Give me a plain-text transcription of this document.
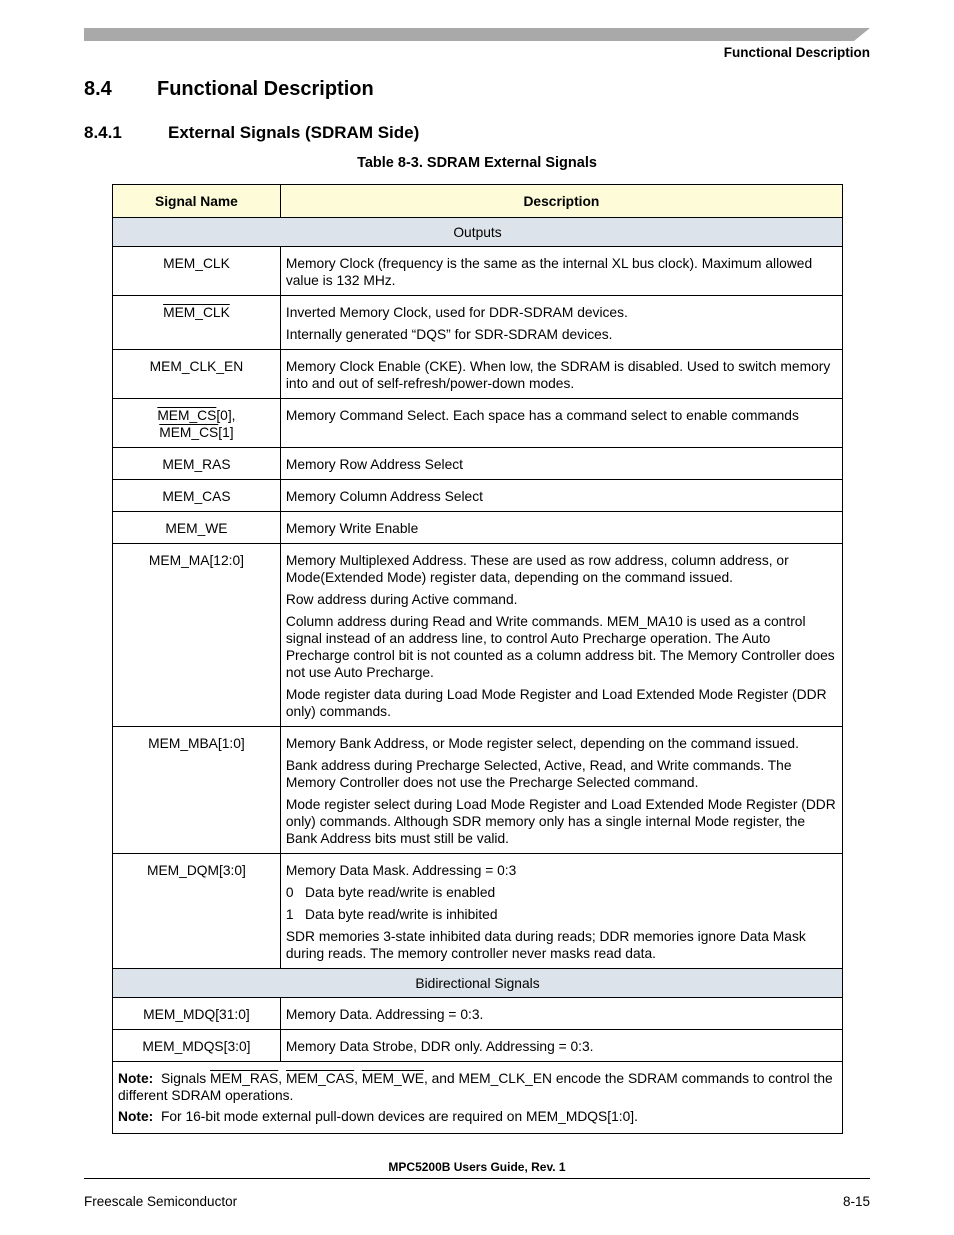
Functional Description
8.4 Functional Description
8.4.1	External Signals (SDRAM Side)
Table 8-3. SDRAM External Signals
Signal Name	Description
Outputs	
MEM_CLK	Memory Clock (frequency is the same as the internal XL bus clock). Maximum allowed value is 132 MHz.

MEM_CLK	Inverted Memory Clock, used for DDR-SDRAM devices.

Internally generated “DQS” for SDR-SDRAM devices.

MEM_CLK_EN	Memory Clock Enable (CKE). When low, the SDRAM is disabled. Used to switch memory into and out of self-refresh/power-down modes.

MEM_CS[0],
MEM_CS[1]	Memory Command Select. Each space has a command select to enable commands

MEM_RAS	Memory Row Address Select

MEM_CAS	Memory Column Address Select

MEM_WE	Memory Write Enable

MEM_MA[12:0]	Memory Multiplexed Address. These are used as row address, column address, or Mode(Extended Mode) register data, depending on the command issued.

Row address during Active command.

Column address during Read and Write commands. MEM_MA10 is used as a control signal instead of an address line, to control Auto Precharge operation. The Auto Precharge control bit is not counted as a column address bit. The Memory Controller does not use Auto Precharge.

Mode register data during Load Mode Register and Load Extended Mode Register (DDR only) commands.

MEM_MBA[1:0]	Memory Bank Address, or Mode register select, depending on the command issued.

Bank address during Precharge Selected, Active, Read, and Write commands. The Memory Controller does not use the Precharge Selected command.

Mode register select during Load Mode Register and Load Extended Mode Register (DDR only) commands. Although SDR memory only has a single internal Mode register, the Bank Address bits must still be valid.

MEM_DQM[3:0]	Memory Data Mask. Addressing = 0:3

0   Data byte read/write is enabled

1   Data byte read/write is inhibited

SDR memories 3-state inhibited data during reads; DDR memories ignore Data Mask during reads. The memory controller never masks read data.

Bidirectional Signals	
MEM_MDQ[31:0]	Memory Data. Addressing = 0:3.

MEM_MDQS[3:0]	Memory Data Strobe, DDR only. Addressing = 0:3.

Note: Signals MEM_RAS, MEM_CAS, MEM_WE, and MEM_CLK_EN encode the SDRAM commands to control the different SDRAM operations.

Note: For 16-bit mode external pull-down devices are required on MEM_MDQS[1:0].	

MPC5200B Users Guide, Rev. 1
Freescale Semiconductor	8-15
